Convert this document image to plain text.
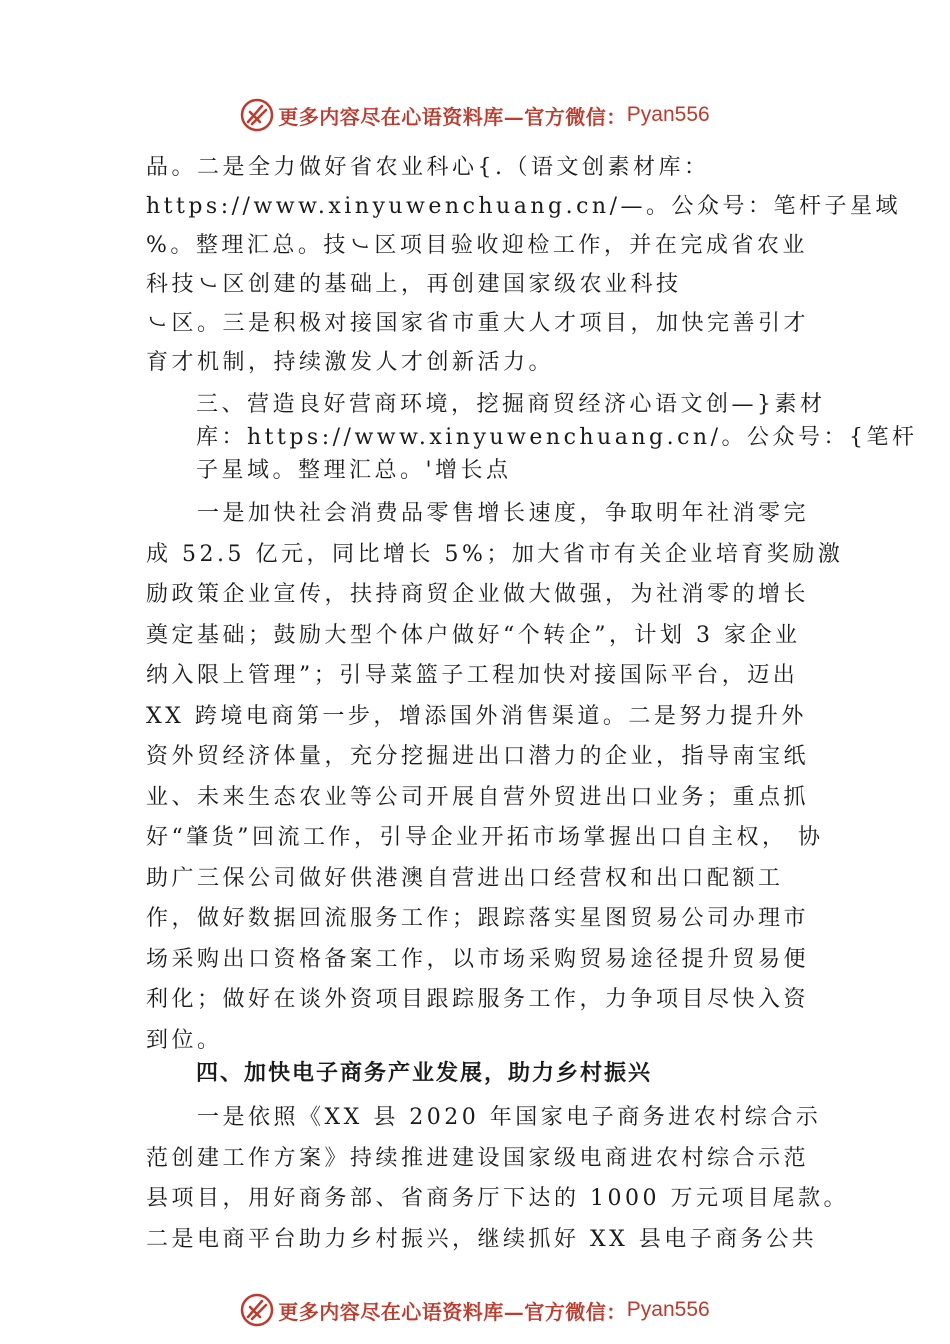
更多内容尽在心语资料库—官方微信： Pyan556
品。二是全力做好省农业科心{.（语文创素材库：
https://www.xinyuwenchuang.cn/—。公众号：笔杆子星域
%。整理汇总。技㇃区项目验收迎检工作，并在完成省农业
科技㇃区创建的基础上，再创建国家级农业科技
㇃区。三是积极对接国家省市重大人才项目，加快完善引才
育才机制，持续激发人才创新活力。
三、营造良好营商环境，挖掘商贸经济心语文创—}素材
库：https://www.xinyuwenchuang.cn/。公众号：{笔杆
子星域。整理汇总。'增长点
　　一是加快社会消费品零售增长速度，争取明年社消零完
成 52.5 亿元，同比增长 5%；加大省市有关企业培育奖励激
励政策企业宣传，扶持商贸企业做大做强，为社消零的增长
奠定基础；鼓励大型个体户做好“个转企”，计划 3 家企业
纳入限上管理”；引导菜篮子工程加快对接国际平台，迈出
XX 跨境电商第一步，增添国外消售渠道。二是努力提升外
资外贸经济体量，充分挖掘进出口潜力的企业，指导南宝纸
业、未来生态农业等公司开展自营外贸进出口业务；重点抓
好“肇货”回流工作，引导企业开拓市场掌握出口自主权， 协
助广三保公司做好供港澳自营进出口经营权和出口配额工
作，做好数据回流服务工作；跟踪落实星图贸易公司办理市
场采购出口资格备案工作，以市场采购贸易途径提升贸易便
利化；做好在谈外资项目跟踪服务工作，力争项目尽快入资
到位。
四、加快电子商务产业发展，助力乡村振兴
　　一是依照《XX 县 2020 年国家电子商务进农村综合示
范创建工作方案》持续推进建设国家级电商进农村综合示范
县项目，用好商务部、省商务厅下达的 1000 万元项目尾款。
二是电商平台助力乡村振兴，继续抓好 XX 县电子商务公共
更多内容尽在心语资料库—官方微信： Pyan556
